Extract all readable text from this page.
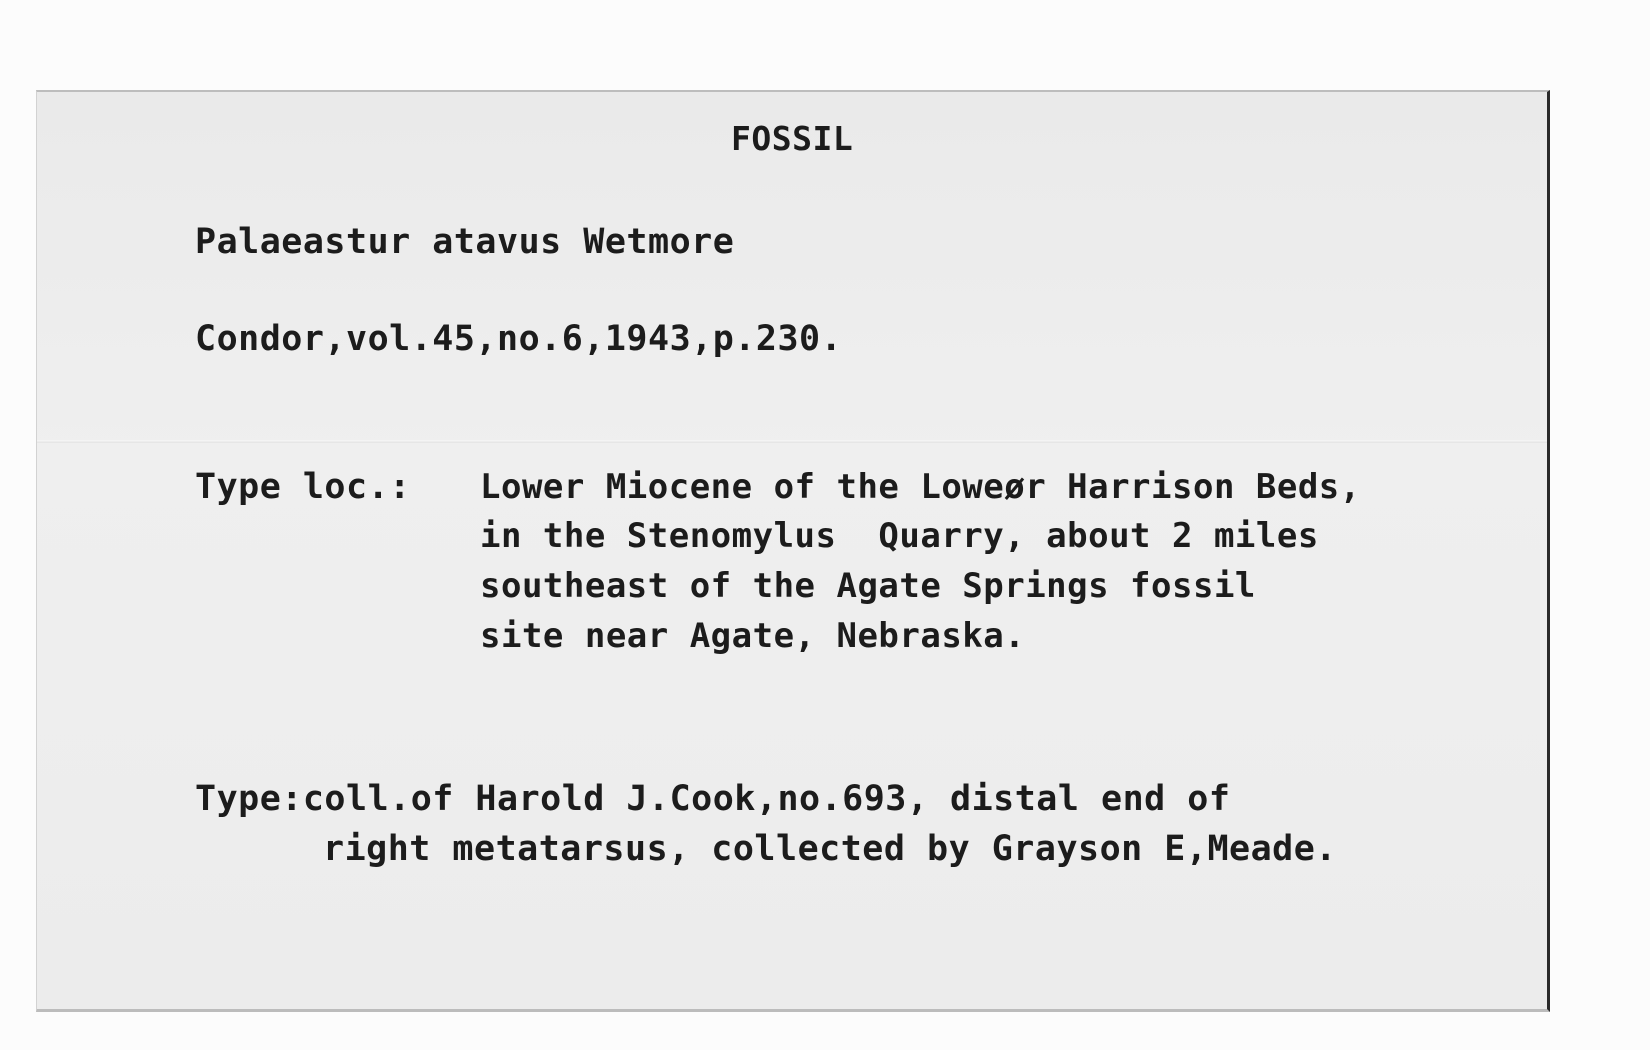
FOSSIL
Palaeastur atavus Wetmore
Condor,vol.45,no.6,1943,p.230.
Type loc.: Lower Miocene of the Loweør Harrison Beds,
in the Stenomylus  Quarry, about 2 miles
southeast of the Agate Springs fossil
site near Agate, Nebraska.
Type:coll.of Harold J.Cook,no.693, distal end of
right metatarsus, collected by Grayson E,Meade.
